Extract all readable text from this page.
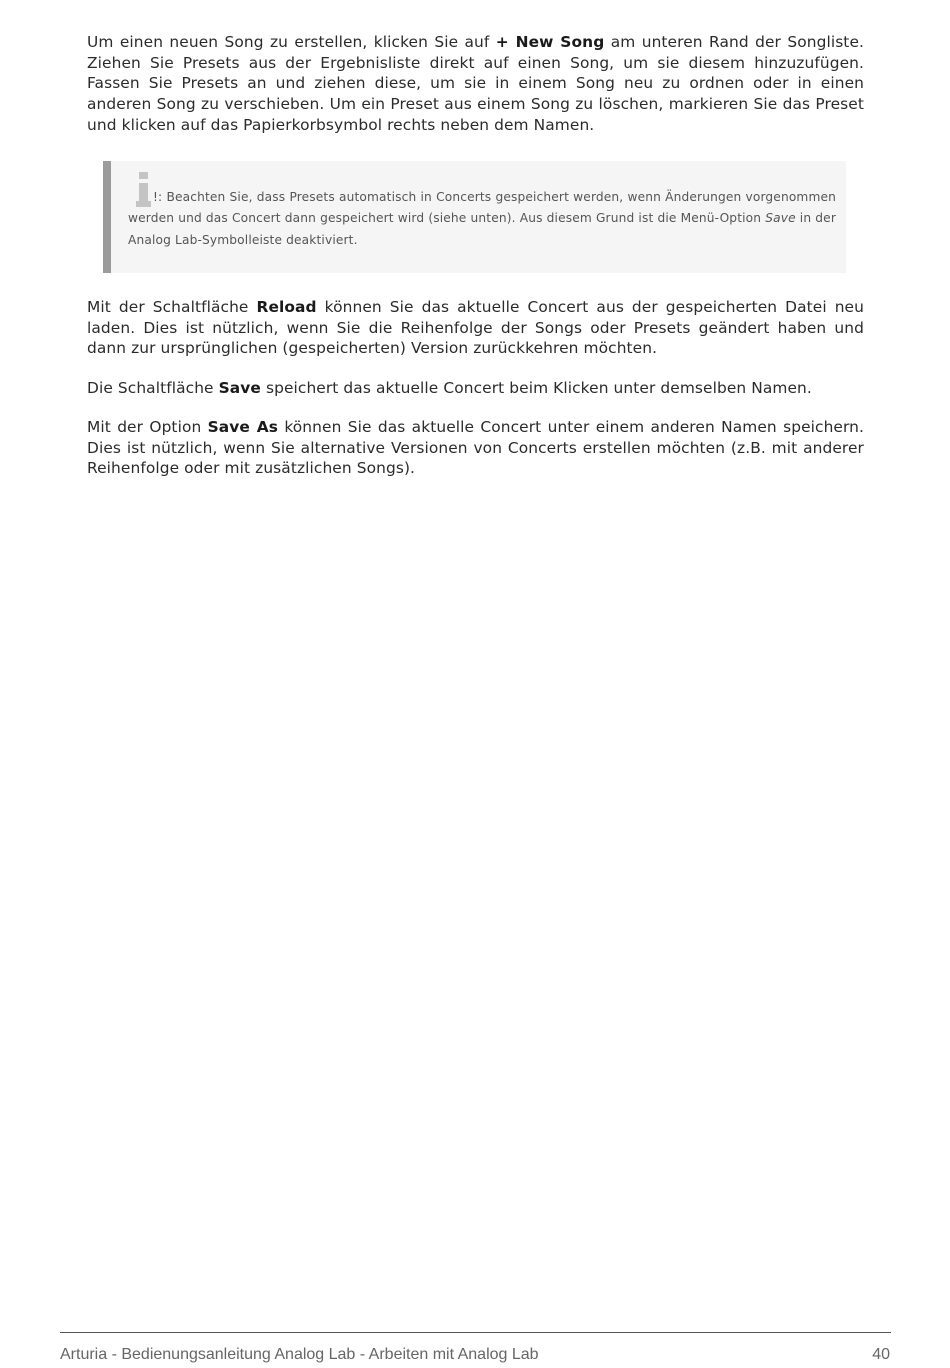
Um einen neuen Song zu erstellen, klicken Sie auf + New Song am unteren Rand der Songliste. Ziehen Sie Presets aus der Ergebnisliste direkt auf einen Song, um sie diesem hinzuzufügen. Fassen Sie Presets an und ziehen diese, um sie in einem Song neu zu ordnen oder in einen anderen Song zu verschieben. Um ein Preset aus einem Song zu löschen, markieren Sie das Preset und klicken auf das Papierkorbsymbol rechts neben dem Namen.

!: Beachten Sie, dass Presets automatisch in Concerts gespeichert werden, wenn Änderungen vorgenommen werden und das Concert dann gespeichert wird (siehe unten). Aus diesem Grund ist die Menü-Option Save in der Analog Lab-Symbolleiste deaktiviert.

Mit der Schaltfläche Reload können Sie das aktuelle Concert aus der gespeicherten Datei neu laden. Dies ist nützlich, wenn Sie die Reihenfolge der Songs oder Presets geändert haben und dann zur ursprünglichen (gespeicherten) Version zurückkehren möchten.

Die Schaltfläche Save speichert das aktuelle Concert beim Klicken unter demselben Namen.

Mit der Option Save As können Sie das aktuelle Concert unter einem anderen Namen speichern. Dies ist nützlich, wenn Sie alternative Versionen von Concerts erstellen möchten (z.B. mit anderer Reihenfolge oder mit zusätzlichen Songs).

Arturia - Bedienungsanleitung Analog Lab - Arbeiten mit Analog Lab	40
